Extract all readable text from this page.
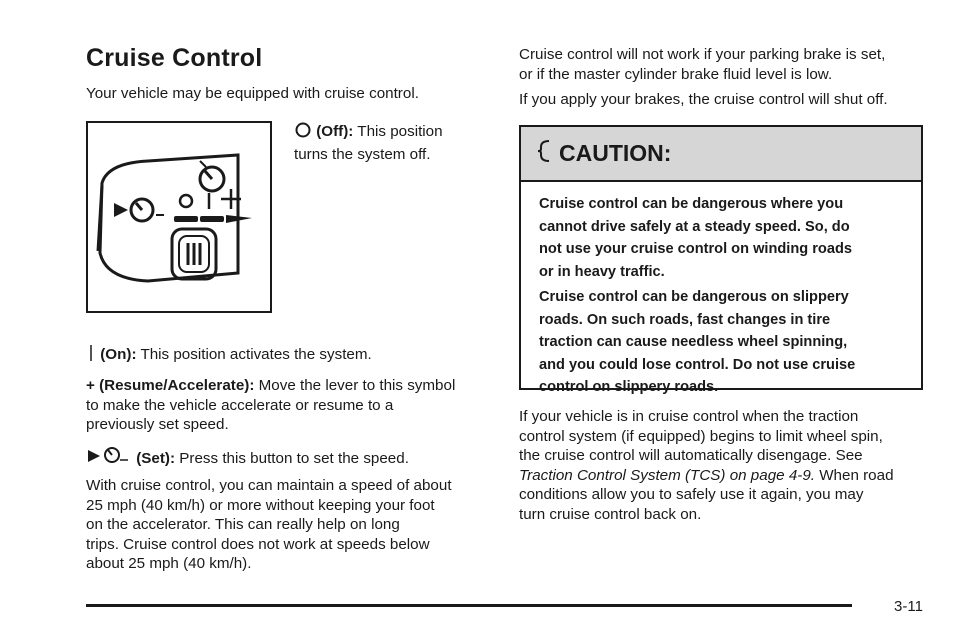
Cruise Control

Your vehicle may be equipped with cruise control.

(Off): This position
turns the system off.
(On): This position activates the system.
+ (Resume/Accelerate): Move the lever to this symbol
to make the vehicle accelerate or resume to a
previously set speed.
(Set): Press this button to set the speed.
With cruise control, you can maintain a speed of about
25 mph (40 km/h) or more without keeping your foot
on the accelerator. This can really help on long
trips. Cruise control does not work at speeds below
about 25 mph (40 km/h).
Cruise control will not work if your parking brake is set,
or if the master cylinder brake fluid level is low.

If you apply your brakes, the cruise control will shut off.

CAUTION:

Cruise control can be dangerous where you
cannot drive safely at a steady speed. So, do
not use your cruise control on winding roads
or in heavy traffic.

Cruise control can be dangerous on slippery
roads. On such roads, fast changes in tire
traction can cause needless wheel spinning,
and you could lose control. Do not use cruise
control on slippery roads.

If your vehicle is in cruise control when the traction
control system (if equipped) begins to limit wheel spin,
the cruise control will automatically disengage. See
Traction Control System (TCS) on page 4-9. When road
conditions allow you to safely use it again, you may
turn cruise control back on.
3-11
